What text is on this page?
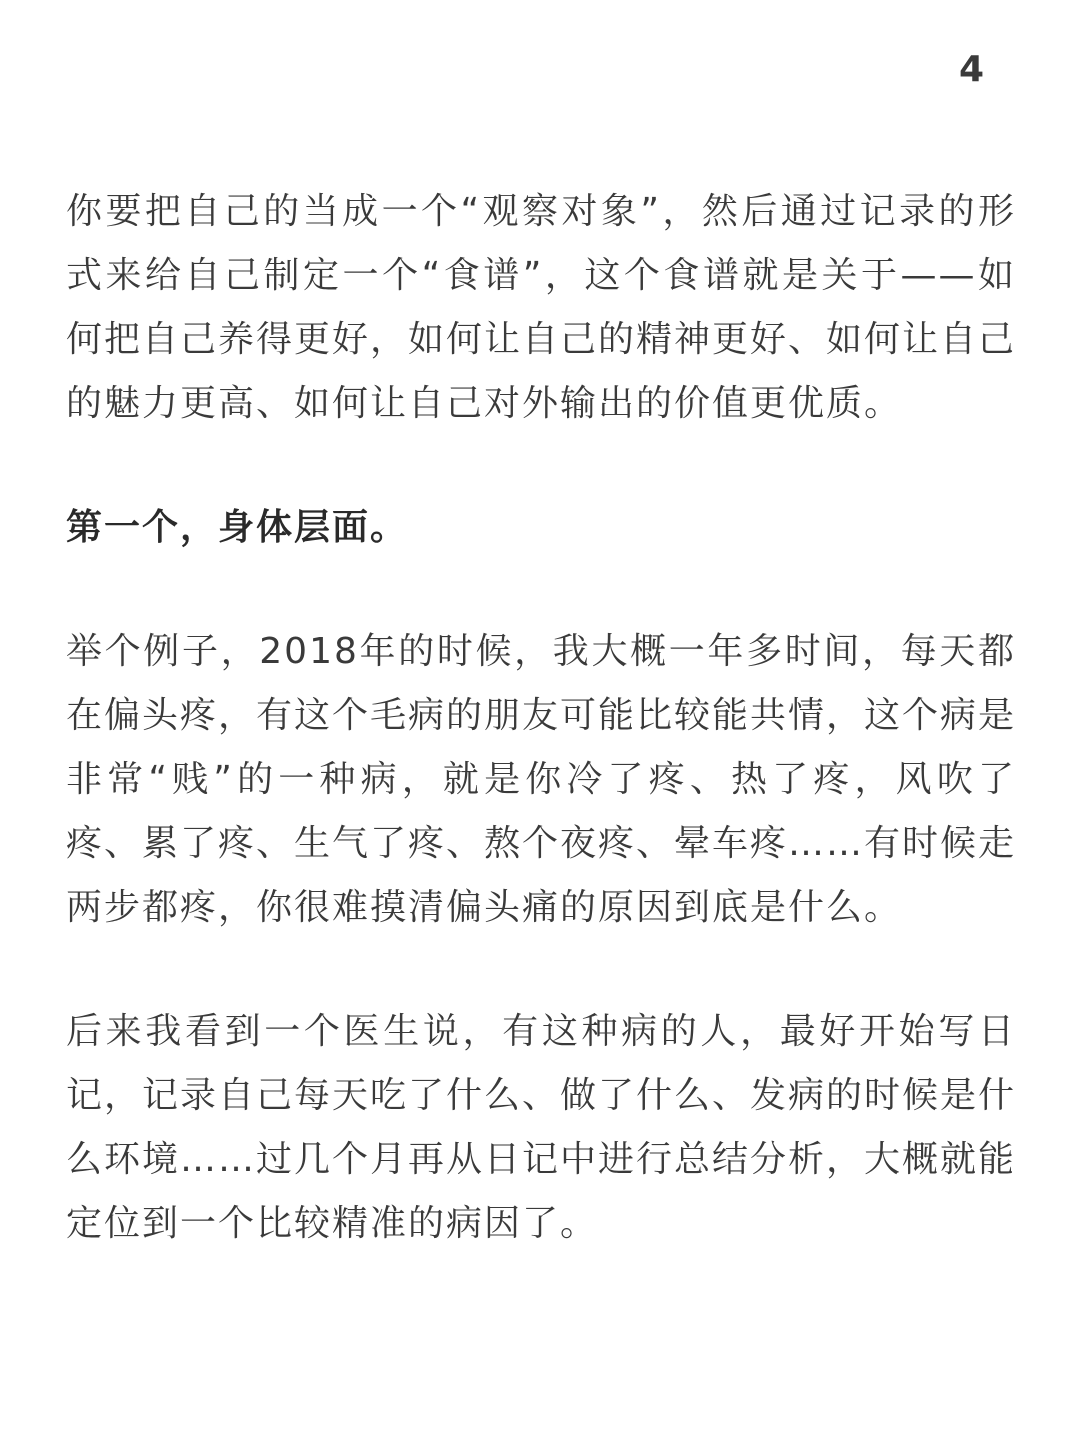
4

你要把自己的当成一个“观察对象”，然后通过记录的形式来给自己制定一个“食谱”，这个食谱就是关于——如何把自己养得更好，如何让自己的精神更好、如何让自己的魅力更高、如何让自己对外输出的价值更优质。

第一个，身体层面。

举个例子，2018年的时候，我大概一年多时间，每天都在偏头疼，有这个毛病的朋友可能比较能共情，这个病是非常“贱”的一种病，就是你冷了疼、热了疼，风吹了疼、累了疼、生气了疼、熬个夜疼、晕车疼……有时候走两步都疼，你很难摸清偏头痛的原因到底是什么。

后来我看到一个医生说，有这种病的人，最好开始写日记，记录自己每天吃了什么、做了什么、发病的时候是什么环境……过几个月再从日记中进行总结分析，大概就能定位到一个比较精准的病因了。
